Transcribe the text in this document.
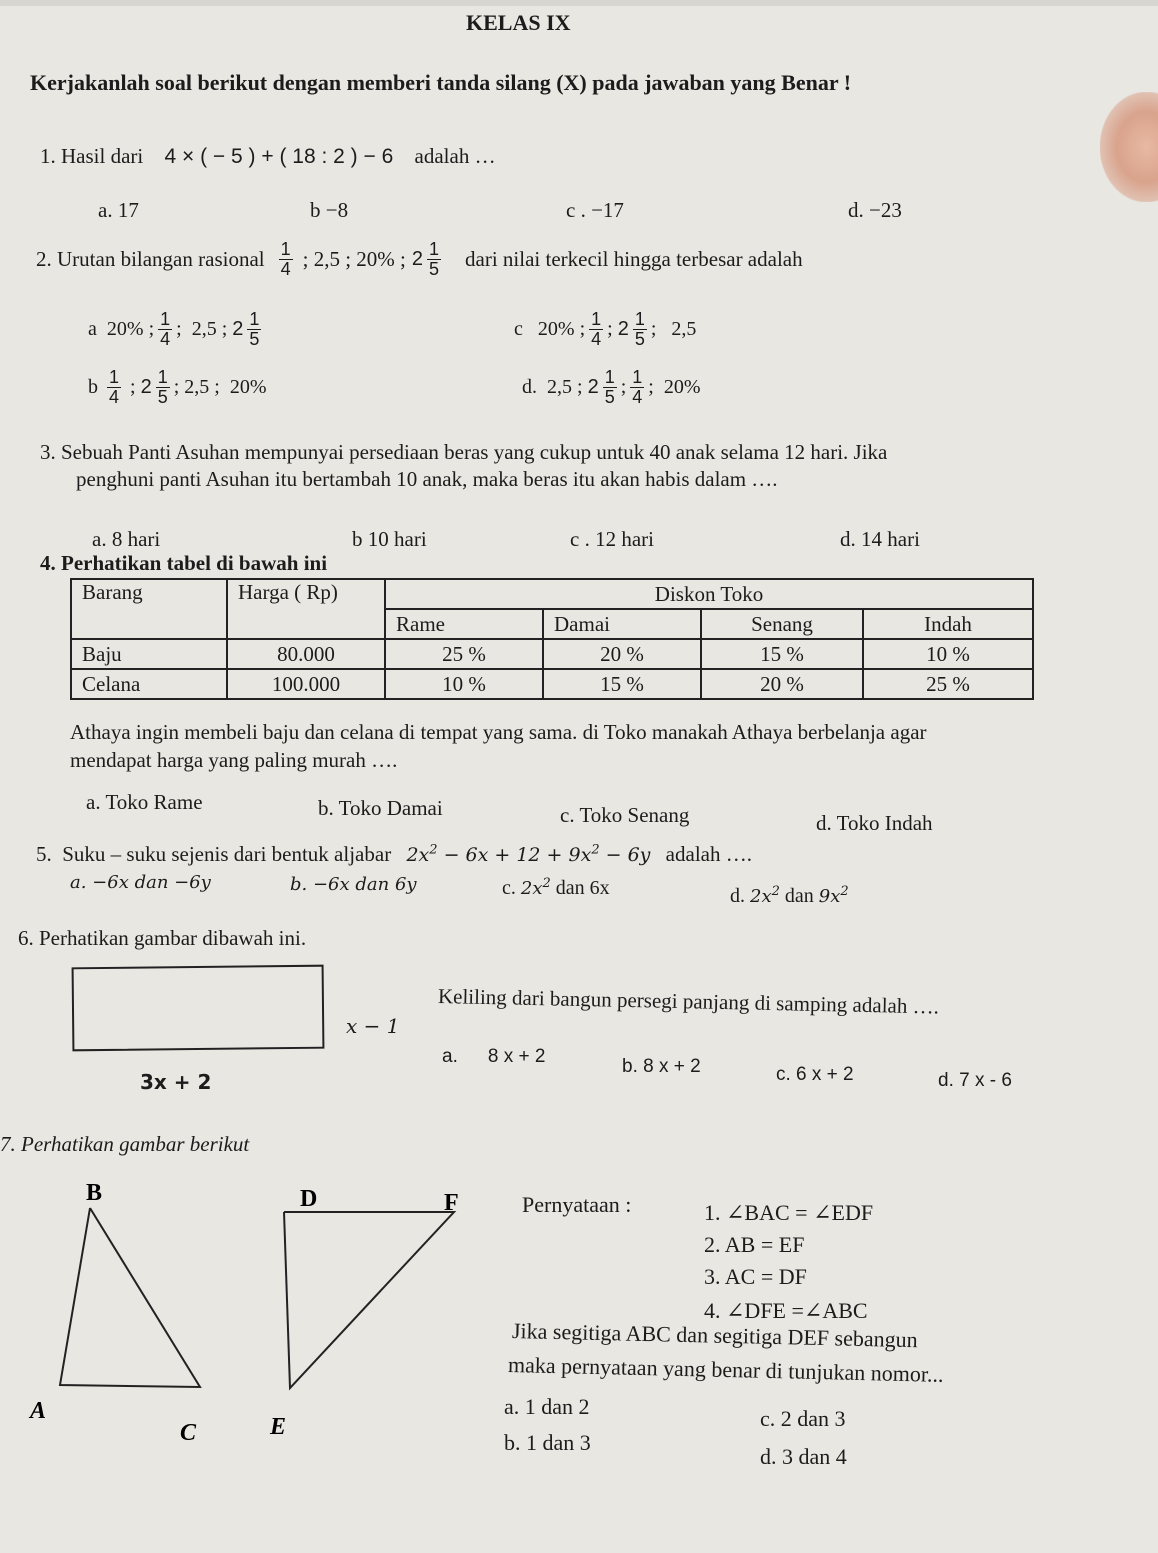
KELAS IX
Kerjakanlah soal berikut dengan memberi tanda silang (X) pada jawaban yang Benar !
1. Hasil dari 4 × ( − 5 ) + ( 18 : 2 ) − 6 adalah …
a. 17	b −8	c . −17	d. −23
2.
Urutan bilangan rasional $\frac{1}{4}$ ; 2,5 ; 20% ; $2 \frac{1}{5}$ dari nilai terkecil hingga terbesar adalah
a
20% ; $\frac{1}{4}$ ; 2,5 ; $2 \frac{1}{5}$	c
20% ; $\frac{1}{4}$ ; $2 \frac{1}{5}$ ; 2,5
b
$\frac{1}{4}$ ; $2 \frac{1}{5}$ ; 2,5 ; 20%	d.
2,5 ; $2 \frac{1}{5}$ ; $\frac{1}{4}$ ; 20%
3. Sebuah Panti Asuhan mempunyai persediaan beras yang cukup untuk 40 anak selama 12 hari. Jika
penghuni panti Asuhan itu bertambah 10 anak, maka beras itu akan habis dalam ….
a. 8 hari	b 10 hari	c . 12 hari	d. 14 hari
4. Perhatikan tabel di bawah ini
Barang	Harga ( Rp)	Diskon Toko			
		Rame	Damai	Senang	Indah
Baju	80.000	25 %	20 %	15 %	10 %
Celana	100.000	10 %	15 %	20 %	25 %
Athaya ingin membeli baju dan celana di tempat yang sama. di Toko manakah Athaya berbelanja agar
mendapat harga yang paling murah ….
a. Toko Rame	b. Toko Damai	c. Toko Senang	d. Toko Indah
5. Suku – suku sejenis dari bentuk aljabar $2x^2 - 6x + 12 + 9x^2 - 6y$ adalah ….
a. −6x dan −6y	b. −6x dan 6y	c. $2x^2$ dan 6x	d. $2x^2$ dan $9x^2$
6. Perhatikan gambar dibawah ini.
x − 1
3x + 2
Keliling dari bangun persegi panjang di samping adalah ….
a. 8 x + 2	b. 8 x + 2	c. 6 x + 2	d. 7 x - 6
7. Perhatikan gambar berikut
B
A
C
D
E
F	Pernyataan :	1. ∠BAC = ∠EDF
2. AB = EF
3. AC = DF
4. ∠DFE =∠ABC
Jika segitiga ABC dan segitiga DEF sebangun
maka pernyataan yang benar di tunjukan nomor...
a. 1 dan 2	c. 2 dan 3
b. 1 dan 3
d. 3 dan 4
